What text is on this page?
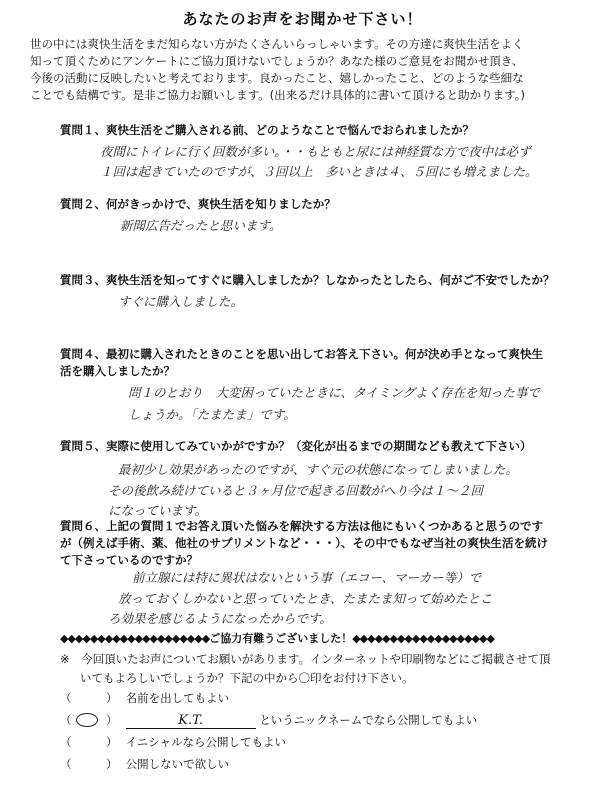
あなたのお声をお聞かせ下さい！
世の中には爽快生活をまだ知らない方がたくさんいらっしゃいます。その方達に爽快生活をよく
知って頂くためにアンケートにご協力頂けないでしょうか？あなた様のご意見をお聞かせ頂き、
今後の活動に反映したいと考えております。良かったこと、嬉しかったこと、どのような些細な
ことでも結構です。是非ご協力お願いします。(出来るだけ具体的に書いて頂けると助かります。)
質問１、爽快生活をご購入される前、どのようなことで悩んでおられましたか？
夜間にトイレに行く回数が多い。・・もともと尿には神経質な方で夜中は必ず
１回は起きていたのですが、３回以上　多いときは４、５回にも増えました。
質問２、何がきっかけで、爽快生活を知りましたか？
新聞広告だったと思います。
質問３、爽快生活を知ってすぐに購入しましたか？しなかったとしたら、何がご不安でしたか？
すぐに購入しました。
質問４、最初に購入されたときのことを思い出してお答え下さい。何が決め手となって爽快生
活を購入しましたか？
問１のとおり　大変困っていたときに、タイミングよく存在を知った事で
しょうか。「たまたま」です。
質問５、実際に使用してみていかがですか？（変化が出るまでの期間なども教えて下さい）
最初少し効果があったのですが、すぐ元の状態になってしまいました。
その後飲み続けていると３ヶ月位で起きる回数がへり今は１〜２回
になっています。
質問６、上記の質問１でお答え頂いた悩みを解決する方法は他にもいくつかあると思うのです
が（例えば手術、薬、他社のサプリメントなど・・・）、その中でもなぜ当社の爽快生活を続け
て下さっているのですか？
前立腺には特に異状はないという事（エコー、マーカー等）で
放っておくしかないと思っていたとき、たまたま知って始めたとこ
ろ効果を感じるようになったからです。
◆◆◆◆◆◆◆◆◆◆◆◆◆◆◆◆◆◆◆◆ご協力有難うございました！◆◆◆◆◆◆◆◆◆◆◆◆◆◆◆◆◆◆◆
※　今回頂いたお声についてお願いがあります。インターネットや印刷物などにご掲載させて頂
いてもよろしいでしょうか？下記の中から〇印をお付け下さい。
（　　　） 名前を出してもよい
（　　　）	K.T.	というニックネームでなら公開してもよい
（　　　） イニシャルなら公開してもよい
（　　　） 公開しないで欲しい
